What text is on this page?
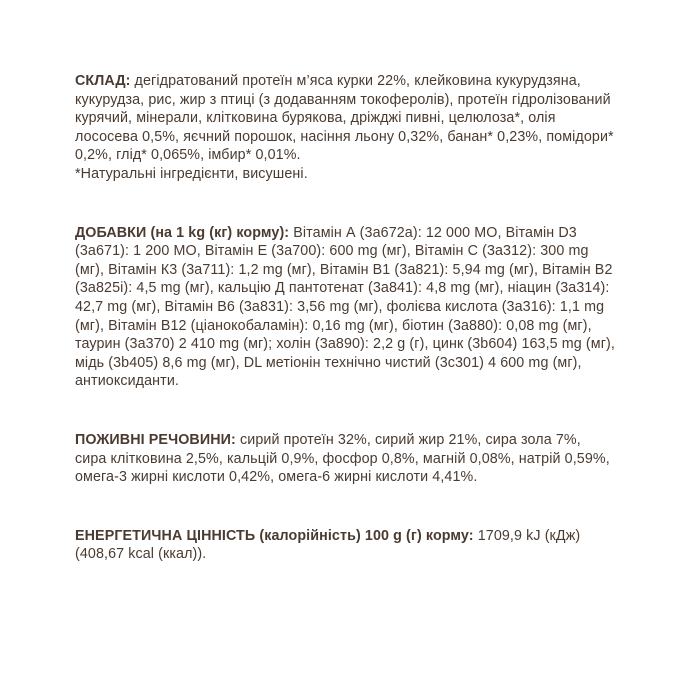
СКЛАД: дегідратований протеїн м’яса курки 22%, клейковина кукурудзяна, кукурудза, рис, жир з птиці (з додаванням токоферолів), протеїн гідролізований курячий, мінерали, клітковина бурякова, дріжджі пивні, целюлоза*, олія лососева 0,5%, яєчний порошок, насіння льону 0,32%, банан* 0,23%, помідори* 0,2%, глід* 0,065%, імбир* 0,01%.

*Натуральні інгредієнти, висушені.

ДОБАВКИ (на 1 kg (кг) корму): Вітамін А (3а672а): 12 000 МО, Вітамін D3 (3а671): 1 200 МО, Вітамін Е (3а700): 600 mg (мг), Вітамін С (3а312): 300 mg (мг), Вітамін К3 (3а711): 1,2 mg (мг), Вітамін В1 (3а821): 5,94 mg (мг), Вітамін В2 (3а825і): 4,5 mg (мг), кальцію Д пантотенат (3а841): 4,8 mg (мг), ніацин (3а314): 42,7 mg (мг), Вітамін В6 (3а831): 3,56 mg (мг), фолієва кислота (3а316): 1,1 mg (мг), Вітамін В12 (ціанокобаламін): 0,16 mg (мг), біотин (3а880): 0,08 mg (мг), таурин (3а370) 2 410 mg (мг); холін (3а890): 2,2 g (г), цинк (3b604) 163,5 mg (мг), мідь (3b405) 8,6 mg (мг), DL метіонін технічно чистий (3с301) 4 600 mg (мг), антиоксиданти.

ПОЖИВНІ РЕЧОВИНИ: сирий протеїн 32%, сирий жир 21%, сира зола 7%, сира клітковина 2,5%, кальцій 0,9%, фосфор 0,8%, магній 0,08%, натрій 0,59%, омега-3 жирні кислоти 0,42%, омега-6 жирні кислоти 4,41%.

ЕНЕРГЕТИЧНА ЦІННІСТЬ (калорійність) 100 g (г) корму: 1709,9 kJ (кДж) (408,67 kcal (ккал)).
